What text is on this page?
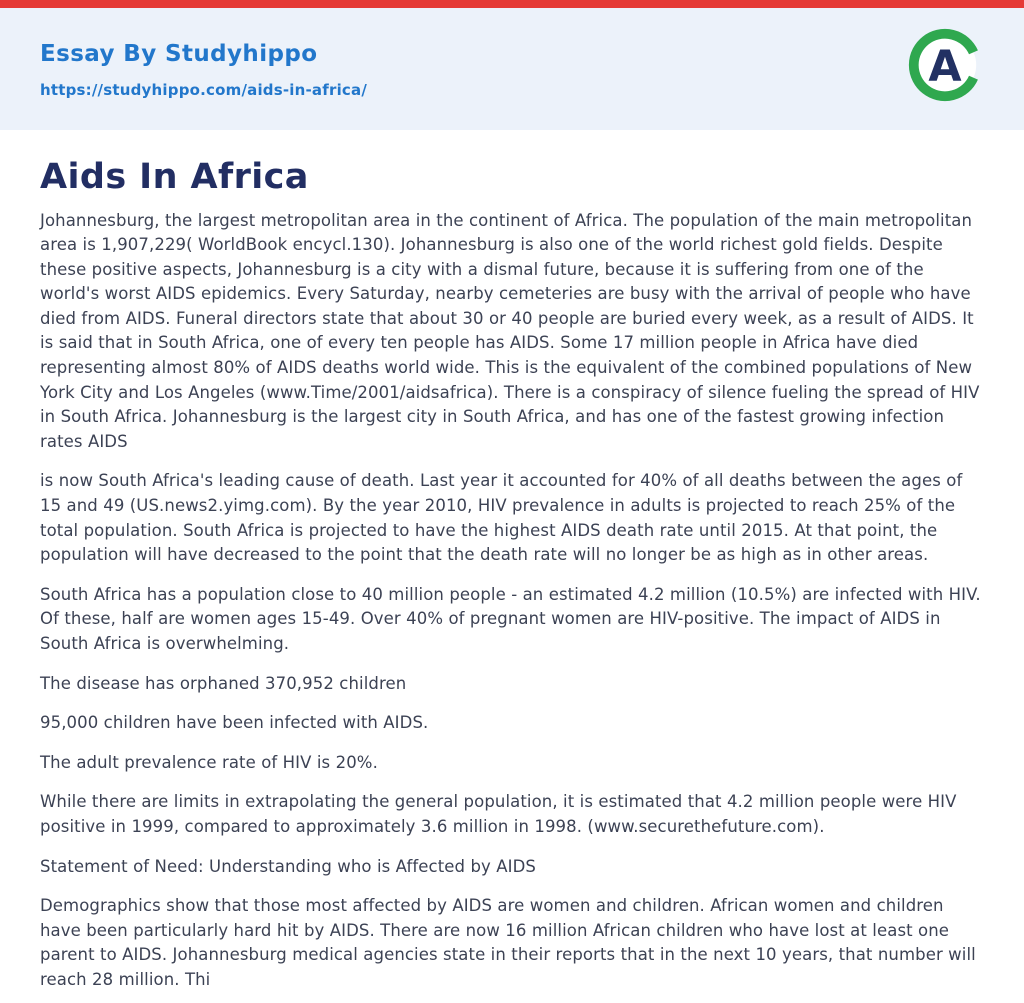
Essay By Studyhippo
https://studyhippo.com/aids-in-africa/	A
Aids In Africa

Johannesburg, the largest metropolitan area in the continent of Africa. The population of the main metropolitan area is 1,907,229( WorldBook encycl.130). Johannesburg is also one of the world richest gold fields. Despite these positive aspects, Johannesburg is a city with a dismal future, because it is suffering from one of the world's worst AIDS epidemics. Every Saturday, nearby cemeteries are busy with the arrival of people who have died from AIDS. Funeral directors state that about 30 or 40 people are buried every week, as a result of AIDS. It is said that in South Africa, one of every ten people has AIDS. Some 17 million people in Africa have died representing almost 80% of AIDS deaths world wide. This is the equivalent of the combined populations of New York City and Los Angeles (www.Time/2001/aidsafrica). There is a conspiracy of silence fueling the spread of HIV in South Africa. Johannesburg is the largest city in South Africa, and has one of the fastest growing infection rates AIDS

is now South Africa's leading cause of death. Last year it accounted for 40% of all deaths between the ages of 15 and 49 (US.news2.yimg.com). By the year 2010, HIV prevalence in adults is projected to reach 25% of the total population. South Africa is projected to have the highest AIDS death rate until 2015. At that point, the population will have decreased to the point that the death rate will no longer be as high as in other areas.

South Africa has a population close to 40 million people - an estimated 4.2 million (10.5%) are infected with HIV. Of these, half are women ages 15-49. Over 40% of pregnant women are HIV-positive. The impact of AIDS in South Africa is overwhelming.

The disease has orphaned 370,952 children

95,000 children have been infected with AIDS.

The adult prevalence rate of HIV is 20%.

While there are limits in extrapolating the general population, it is estimated that 4.2 million people were HIV positive in 1999, compared to approximately 3.6 million in 1998. (www.securethefuture.com).

Statement of Need: Understanding who is Affected by AIDS

Demographics show that those most affected by AIDS are women and children. African women and children have been particularly hard hit by AIDS. There are now 16 million African children who have lost at least one parent to AIDS. Johannesburg medical agencies state in their reports that in the next 10 years, that number will reach 28 million. Thi
